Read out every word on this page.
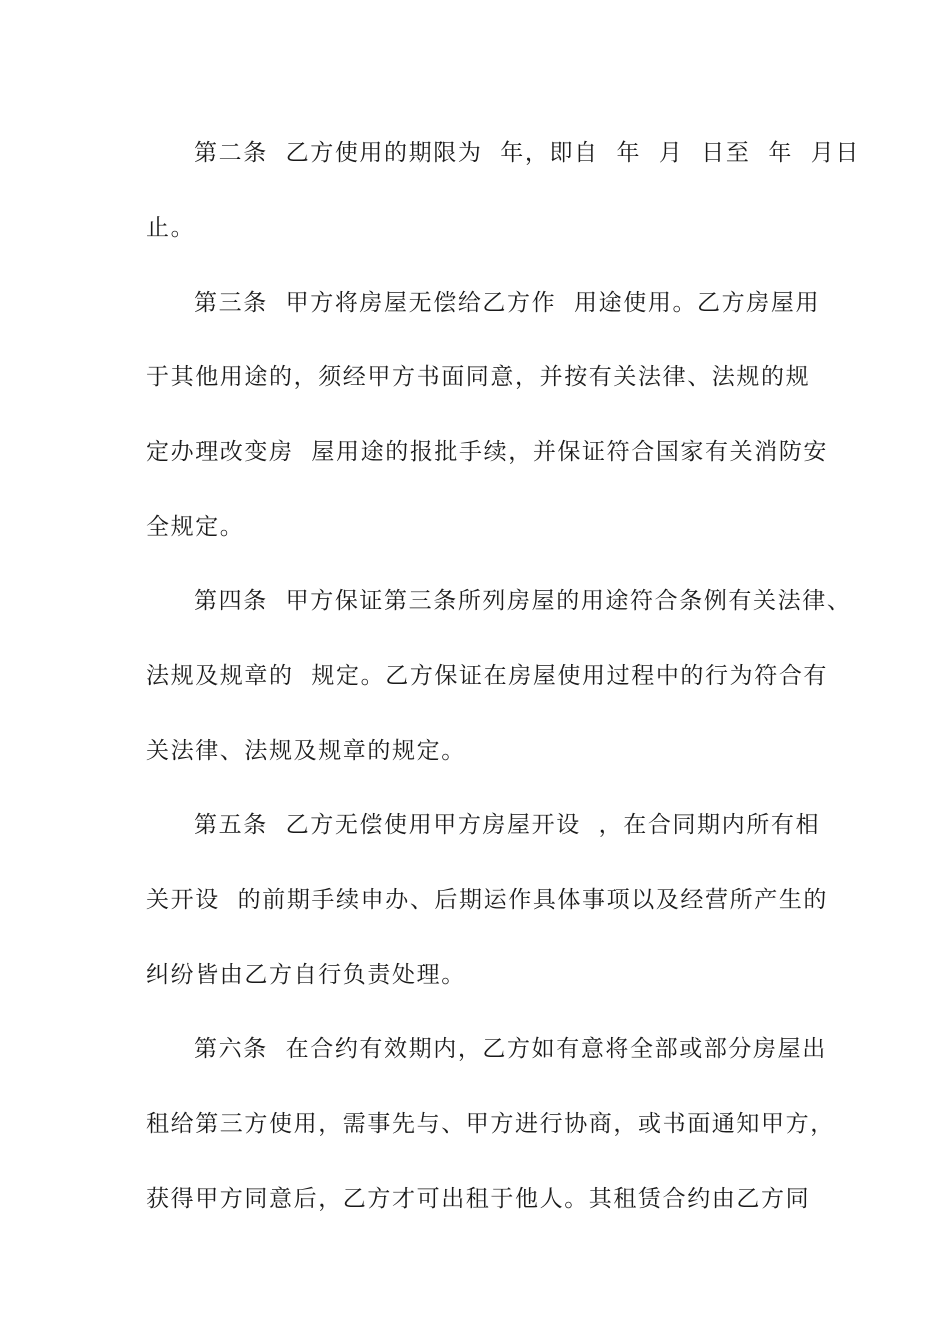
第二条  乙方使用的期限为  年，即自  年  月  日至  年  月日
止。
第三条  甲方将房屋无偿给乙方作  用途使用。乙方房屋用
于其他用途的，须经甲方书面同意，并按有关法律、法规的规
定办理改变房  屋用途的报批手续，并保证符合国家有关消防安
全规定。
第四条  甲方保证第三条所列房屋的用途符合条例有关法律、
法规及规章的  规定。乙方保证在房屋使用过程中的行为符合有
关法律、法规及规章的规定。
第五条  乙方无偿使用甲方房屋开设  ，在合同期内所有相
关开设  的前期手续申办、后期运作具体事项以及经营所产生的
纠纷皆由乙方自行负责处理。
第六条  在合约有效期内，乙方如有意将全部或部分房屋出
租给第三方使用，需事先与、甲方进行协商，或书面通知甲方，
获得甲方同意后，乙方才可出租于他人。其租赁合约由乙方同
